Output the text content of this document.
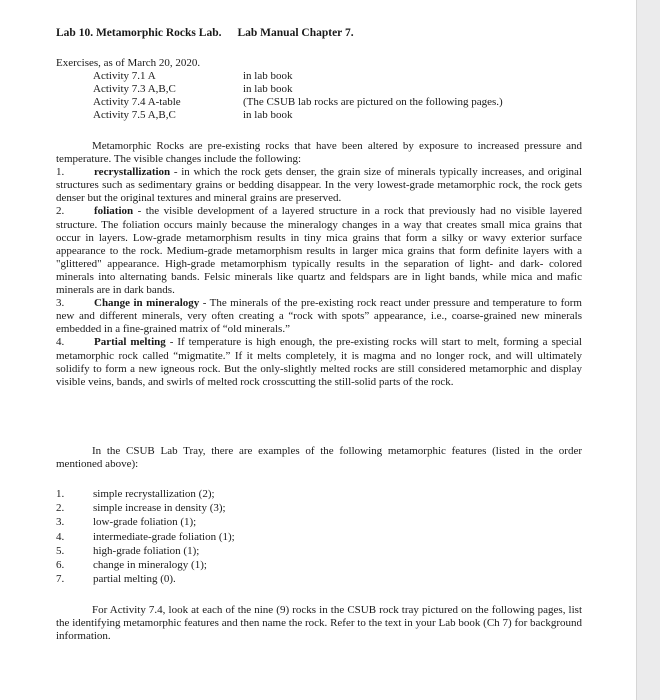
Lab 10. Metamorphic Rocks Lab. Lab Manual Chapter 7.
Exercises, as of March 20, 2020.
Activity 7.1 A	in lab book
Activity 7.3 A,B,C	in lab book
Activity 7.4 A-table	(The CSUB lab rocks are pictured on the following pages.)
Activity 7.5 A,B,C	in lab book
Metamorphic Rocks are pre-existing rocks that have been altered by exposure to increased pressure and temperature. The visible changes include the following:
1.	recrystallization - in which the rock gets denser, the grain size of minerals typically increases, and original structures such as sedimentary grains or bedding disappear. In the very lowest-grade metamorphic rock, the rock gets denser but the original textures and mineral grains are preserved.
2.	foliation - the visible development of a layered structure in a rock that previously had no visible layered structure. The foliation occurs mainly because the mineralogy changes in a way that creates small mica grains that occur in layers. Low-grade metamorphism results in tiny mica grains that form a silky or wavy exterior surface appearance to the rock. Medium-grade metamorphism results in larger mica grains that form definite layers with a "glittered" appearance. High-grade metamorphism typically results in the separation of light- and dark- colored minerals into alternating bands. Felsic minerals like quartz and feldspars are in light bands, while mica and mafic minerals are in dark bands.
3.	Change in mineralogy - The minerals of the pre-existing rock react under pressure and temperature to form new and different minerals, very often creating a “rock with spots” appearance, i.e., coarse-grained new minerals embedded in a fine-grained matrix of “old minerals.”
4.	Partial melting - If temperature is high enough, the pre-existing rocks will start to melt, forming a special metamorphic rock called “migmatite.” If it melts completely, it is magma and no longer rock, and will ultimately solidify to form a new igneous rock. But the only-slightly melted rocks are still considered metamorphic and display visible veins, bands, and swirls of melted rock crosscutting the still-solid parts of the rock.
In the CSUB Lab Tray, there are examples of the following metamorphic features (listed in the order mentioned above):
1.	simple recrystallization (2);
2.	simple increase in density (3);
3.	low-grade foliation (1);
4.	intermediate-grade foliation (1);
5.	high-grade foliation (1);
6.	change in mineralogy (1);
7.	partial melting (0).
For Activity 7.4, look at each of the nine (9) rocks in the CSUB rock tray pictured on the following pages, list the identifying metamorphic features and then name the rock. Refer to the text in your Lab book (Ch 7) for background information.
